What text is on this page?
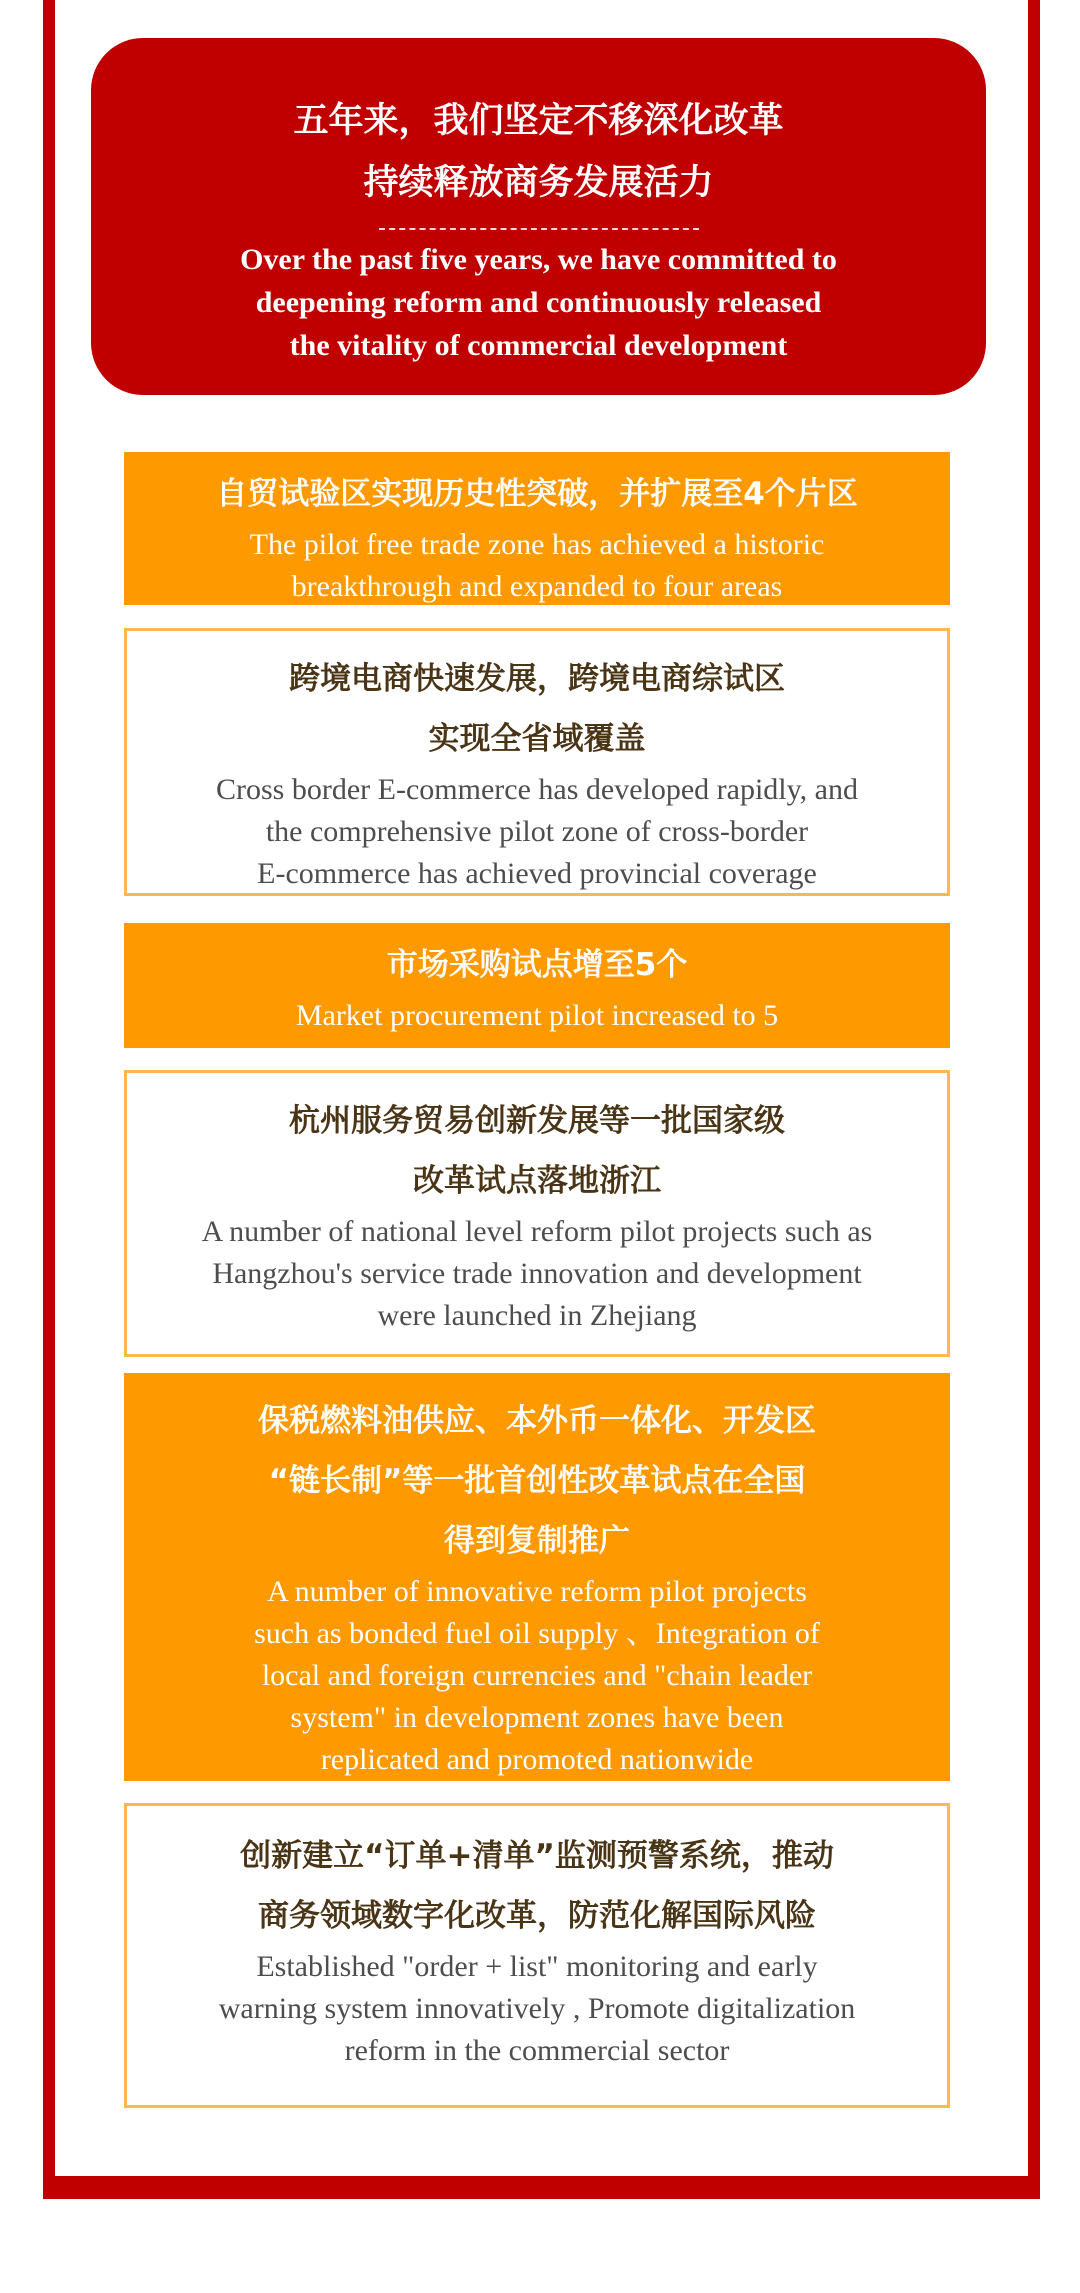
五年来，我们坚定不移深化改革
持续释放商务发展活力
Over the past five years, we have committed to
deepening reform and continuously released
the vitality of commercial development
自贸试验区实现历史性突破，并扩展至4个片区
The pilot free trade zone has achieved a historic
breakthrough and expanded to four areas
跨境电商快速发展，跨境电商综试区
实现全省域覆盖
Cross border E-commerce has developed rapidly, and
the comprehensive pilot zone of cross-border
E-commerce has achieved provincial coverage
市场采购试点增至5个
Market procurement pilot increased to 5
杭州服务贸易创新发展等一批国家级
改革试点落地浙江
A number of national level reform pilot projects such as
Hangzhou's service trade innovation and development
were launched in Zhejiang
保税燃料油供应、本外币一体化、开发区
“链长制”等一批首创性改革试点在全国
得到复制推广
A number of innovative reform pilot projects
such as bonded fuel oil supply 、Integration of
local and foreign currencies and "chain leader
system" in development zones have been
replicated and promoted nationwide
创新建立“订单+清单”监测预警系统，推动
商务领域数字化改革，防范化解国际风险
Established "order + list" monitoring and early
warning system innovatively , Promote digitalization
reform in the commercial sector
